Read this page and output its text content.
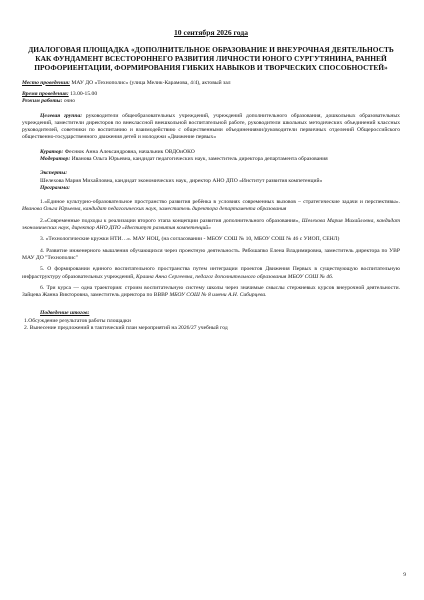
10 сентября 2026 года
ДИАЛОГОВАЯ ПЛОЩАДКА «ДОПОЛНИТЕЛЬНОЕ ОБРАЗОВАНИЕ И ВНЕУРОЧНАЯ ДЕЯТЕЛЬНОСТЬ КАК ФУНДАМЕНТ ВСЕСТОРОННЕГО РАЗВИТИЯ ЛИЧНОСТИ ЮНОГО СУРГУТЯНИНА, РАННЕЙ ПРОФОРИЕНТАЦИИ, ФОРМИРОВАНИЯ ГИБКИХ НАВЫКОВ И ТВОРЧЕСКИХ СПОСОБНОСТЕЙ»

Место проведения: МАУ ДО «Технополис» (улица Мелик-Карамова, 4/4), актовый зал

Время проведения: 13.00-15.00

Режим работы: очно

Целевая группа: руководители общеобразовательных учреждений, учреждений дополнительного образования, дошкольных образовательных учреждений, заместители директоров по внеклассной внешкольной воспитательной работе, руководители школьных методических объединений классных руководителей, советники по воспитанию и взаимодействию с общественными объединениями/руководители первичных отделений Общероссийского общественно-государственного движения детей и молодежи «Движение первых»

Куратор: Феснюк Анна Александровна, начальник ОВДОиОКО

Модератор: Иванова Ольга Юрьевна, кандидат педагогических наук, заместитель директора департамента образования

Эксперты:

Шелехова Мария Михайловна, кандидат экономических наук, директор АНО ДПО «Институт развития компетенций»

Программа:

1.«Единое культурно-образовательное пространство развития ребёнка в условиях современных вызовов – стратегические задачи и перспективы». Иванова Ольга Юрьевна, кандидат педагогических наук, заместитель директора департамента образования

2.«Современные подходы к реализации второго этапа концепции развития дополнительного образования», Шелехова Мария Михайловна, кандидат экономических наук, директор АНО ДПО «Институт развития компетенций»

3. «Технологические кружки НТИ…». МАУ НОЦ, (на согласовании - МБОУ СОШ № 10, МБОУ СОШ № 46 с УИОП, СЕНЛ)

4. Развитие инженерного мышления обучающихся через проектную деятельность. Рябошапко Елена Владимировна, заместитель директора по УВР МАУ ДО "Технополис"

5. О формировании единого воспитательного пространства путем интеграции проектов Движения Первых в существующую воспитательную инфраструктуру образовательных учреждений, Краина Анна Сергеевна, педагог дополнительного образования МБОУ СОШ № 46.

6. Три курса — одна траектория: строим воспитательную систему школы через значимые смыслы стержневых курсов внеурочной деятельности. Зайцева Жанна Викторовна, заместитель директора по ВВВР МБОУ СОШ № 8 имени А.Н. Сибирцева.

Подведение итогов:

1.Обсуждение результатов работы площадки

2. Вынесение предложений в тактический план мероприятий на 2026/27 учебный год

9
